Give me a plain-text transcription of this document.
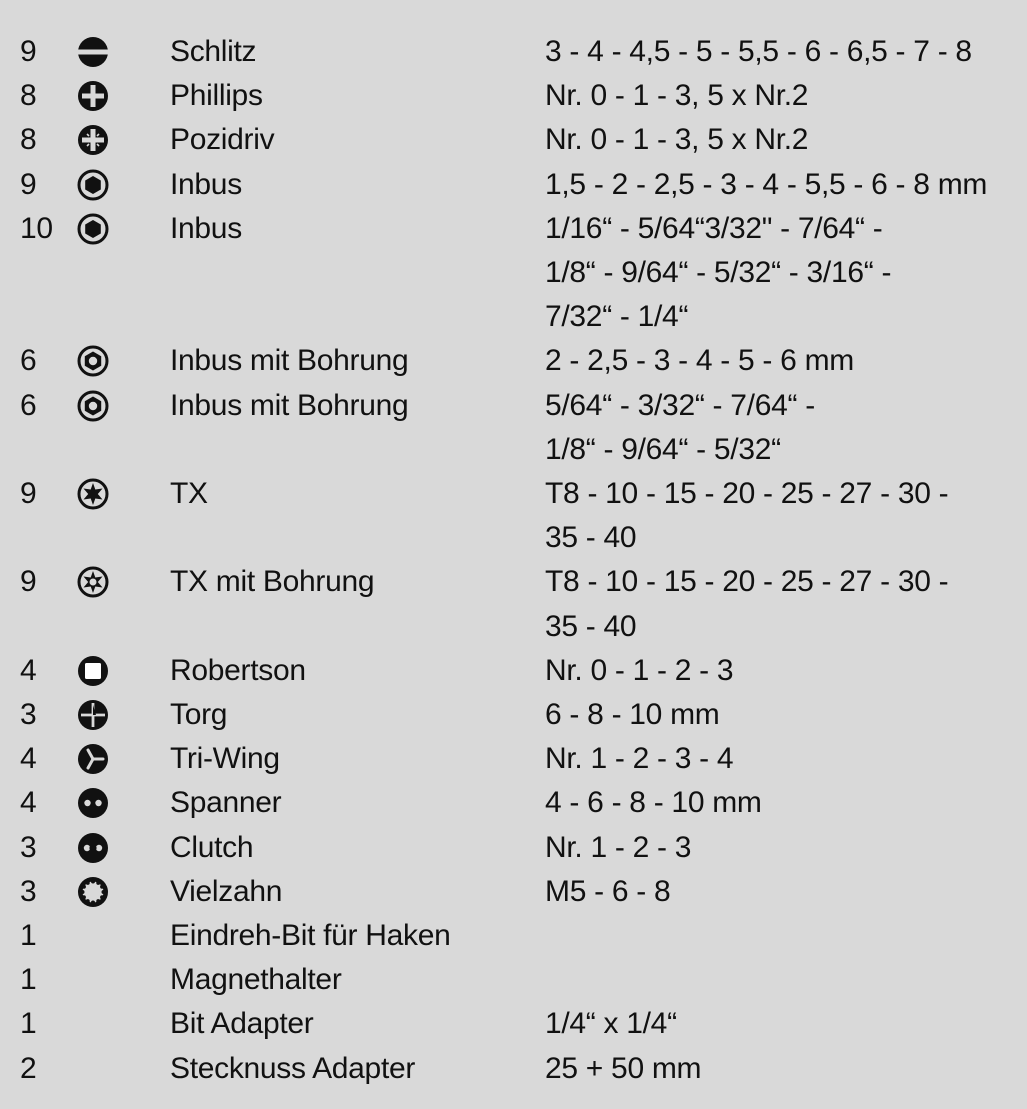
9	Schlitz	3 - 4 - 4,5 - 5 - 5,5 - 6 - 6,5 - 7 - 8
8	Phillips	Nr. 0 - 1 - 3, 5 x Nr.2
8	Pozidriv	Nr. 0 - 1 - 3, 5 x Nr.2
9	Inbus	1,5 - 2 - 2,5 - 3 - 4 - 5,5 - 6 - 8 mm
10	Inbus	1/16“ - 5/64“3/32" - 7/64“ -
1/8“ - 9/64“ - 5/32“ - 3/16“ -
7/32“ - 1/4“
6	Inbus mit Bohrung	2 - 2,5 - 3 - 4 - 5 - 6 mm
6	Inbus mit Bohrung	5/64“ - 3/32“ - 7/64“ -
1/8“ - 9/64“ - 5/32“
9	TX	T8 - 10 - 15 - 20 - 25 - 27 - 30 -
35 - 40
9	TX mit Bohrung	T8 - 10 - 15 - 20 - 25 - 27 - 30 -
35 - 40
4	Robertson	Nr. 0 - 1 - 2 - 3
3	Torg	6 - 8 - 10 mm
4	Tri-Wing	Nr. 1 - 2 - 3 - 4
4	Spanner	4 - 6 - 8 - 10 mm
3	Clutch	Nr. 1 - 2 - 3
3	Vielzahn	M5 - 6 - 8
1	Eindreh-Bit für Haken
1	Magnethalter
1	Bit Adapter	1/4“ x 1/4“
2	Stecknuss Adapter	25 + 50 mm
